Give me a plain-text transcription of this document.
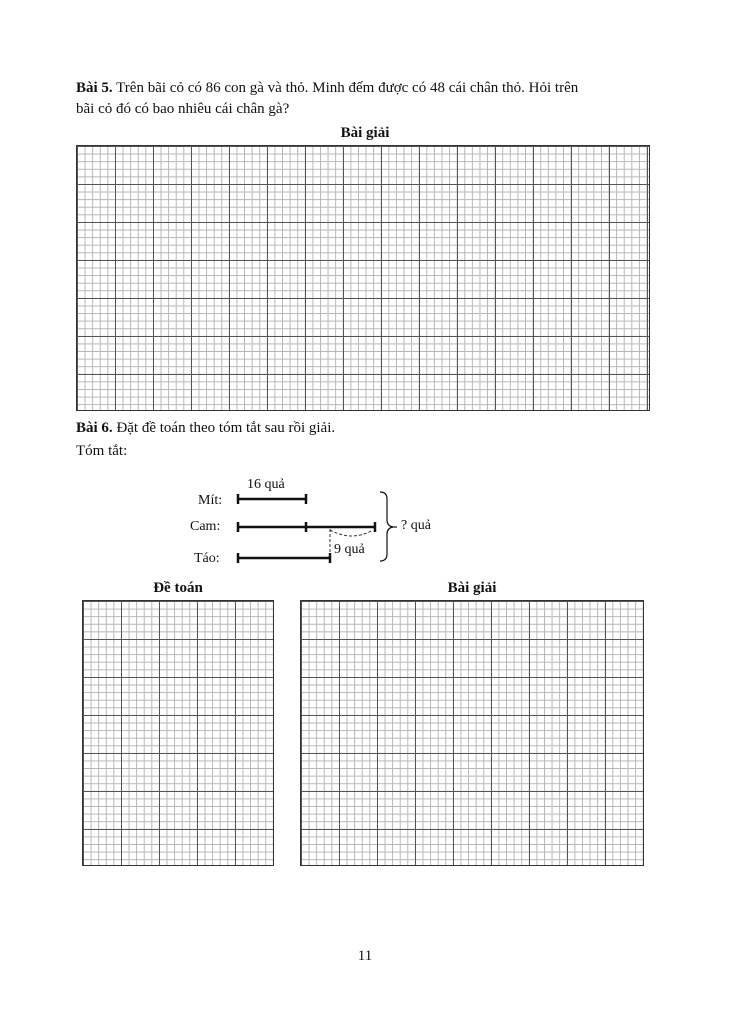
Bài 5. Trên bãi cỏ có 86 con gà và thỏ. Minh đếm được có 48 cái chân thỏ. Hỏi trên
bãi cỏ đó có bao nhiêu cái chân gà?
Bài giải
Bài 6. Đặt đề toán theo tóm tắt sau rồi giải.
Tóm tắt:
Mít:
Cam:
Táo:
16 quả
9 quả
? quả
Đề toán	Bài giải
11
